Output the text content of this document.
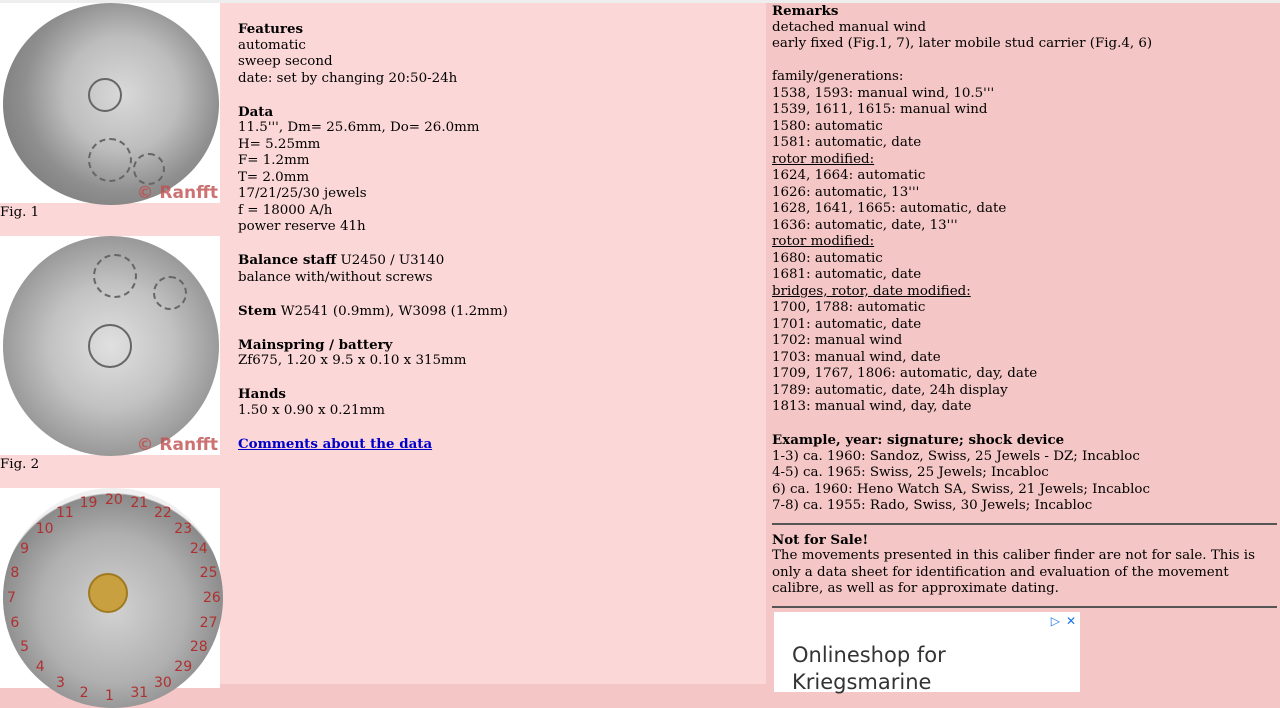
© Ranfft
Fig. 1
© Ranfft
Fig. 2
19 20 21
22
23
24
25
26
27
28
29
30
31
1
2
3
4
5
6
7
8
9
10
11
Features
automatic
sweep second
date: set by changing 20:50-24h
Data
11.5''', Dm= 25.6mm, Do= 26.0mm
H= 5.25mm
F= 1.2mm
T= 2.0mm
17/21/25/30 jewels
f = 18000 A/h
power reserve 41h
Balance staff U2450 / U3140
balance with/without screws
Stem W2541 (0.9mm), W3098 (1.2mm)
Mainspring / battery
Zf675, 1.20 x 9.5 x 0.10 x 315mm
Hands
1.50 x 0.90 x 0.21mm
Comments about the data
Remarks
detached manual wind
early fixed (Fig.1, 7), later mobile stud carrier (Fig.4, 6)
family/generations:
1538, 1593: manual wind, 10.5'''
1539, 1611, 1615: manual wind
1580: automatic
1581: automatic, date
rotor modified:
1624, 1664: automatic
1626: automatic, 13'''
1628, 1641, 1665: automatic, date
1636: automatic, date, 13'''
rotor modified:
1680: automatic
1681: automatic, date
bridges, rotor, date modified:
1700, 1788: automatic
1701: automatic, date
1702: manual wind
1703: manual wind, date
1709, 1767, 1806: automatic, day, date
1789: automatic, date, 24h display
1813: manual wind, day, date
Example, year: signature; shock device
1-3) ca. 1960: Sandoz, Swiss, 25 Jewels - DZ; Incabloc
4-5) ca. 1965: Swiss, 25 Jewels; Incabloc
6) ca. 1960: Heno Watch SA, Swiss, 21 Jewels; Incabloc
7-8) ca. 1955: Rado, Swiss, 30 Jewels; Incabloc
Not for Sale!
The movements presented in this caliber finder are not for sale. This is only a data sheet for identification and evaluation of the movement calibre, as well as for approximate dating.
▷ ✕
Onlineshop for
Kriegsmarine
